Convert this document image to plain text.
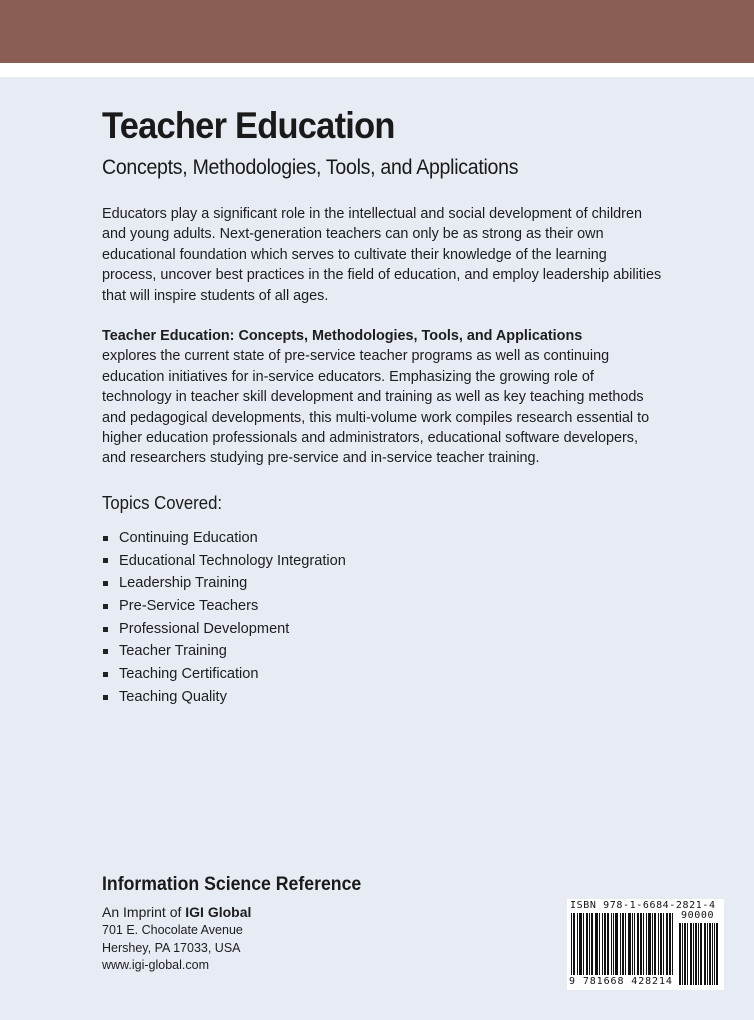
Teacher Education
Concepts, Methodologies, Tools, and Applications

Educators play a significant role in the intellectual and social development of children and young adults. Next-generation teachers can only be as strong as their own educational foundation which serves to cultivate their knowledge of the learning process, uncover best practices in the field of education, and employ leadership abilities that will inspire students of all ages.

Teacher Education: Concepts, Methodologies, Tools, and Applications
explores the current state of pre-service teacher programs as well as continuing education initiatives for in-service educators. Emphasizing the growing role of technology in teacher skill development and training as well as key teaching methods and pedagogical developments, this multi-volume work compiles research essential to higher education professionals and administrators, educational software developers, and researchers studying pre-service and in-service teacher training.

Topics Covered:
Continuing Education
Educational Technology Integration
Leadership Training
Pre-Service Teachers
Professional Development
Teacher Training
Teaching Certification
Teaching Quality
Information Science Reference
An Imprint of IGI Global
701 E. Chocolate Avenue
Hershey, PA 17033, USA
www.igi-global.com
ISBN 978-1-6684-2821-4
90000
9 781668 428214
